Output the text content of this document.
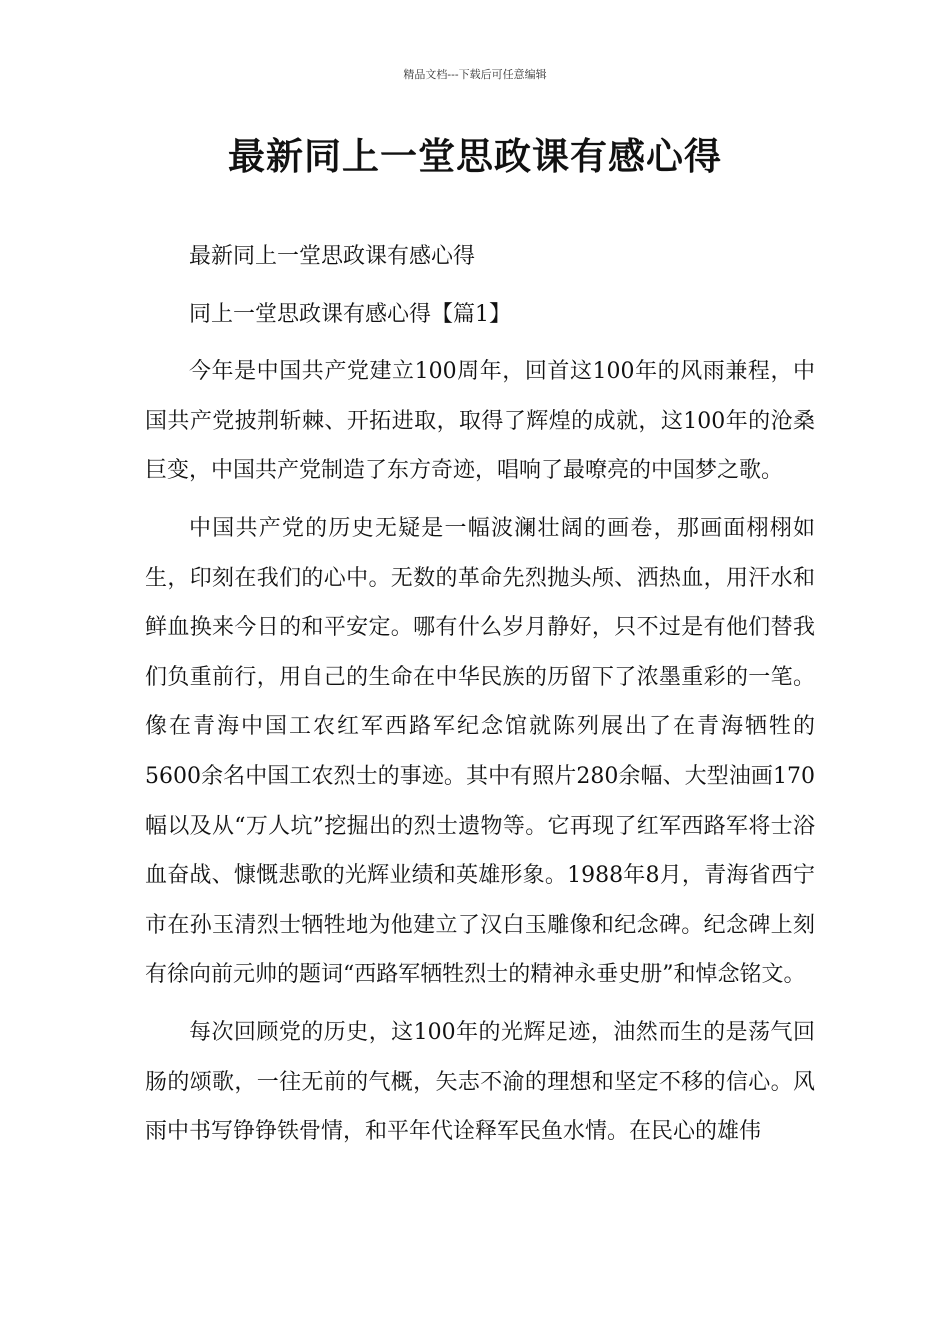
精品文档---下载后可任意编辑
最新同上一堂思政课有感心得

最新同上一堂思政课有感心得

同上一堂思政课有感心得【篇1】

今年是中国共产党建立100周年，回首这100年的风雨兼程，中国共产党披荆斩棘、开拓进取，取得了辉煌的成就，这100年的沧桑巨变，中国共产党制造了东方奇迹，唱响了最嘹亮的中国梦之歌。

中国共产党的历史无疑是一幅波澜壮阔的画卷，那画面栩栩如生，印刻在我们的心中。无数的革命先烈抛头颅、洒热血，用汗水和鲜血换来今日的和平安定。哪有什么岁月静好，只不过是有他们替我们负重前行，用自己的生命在中华民族的历留下了浓墨重彩的一笔。像在青海中国工农红军西路军纪念馆就陈列展出了在青海牺牲的5600余名中国工农烈士的事迹。其中有照片280余幅、大型油画170幅以及从“万人坑”挖掘出的烈士遗物等。它再现了红军西路军将士浴血奋战、慷慨悲歌的光辉业绩和英雄形象。1988年8月，青海省西宁市在孙玉清烈士牺牲地为他建立了汉白玉雕像和纪念碑。纪念碑上刻有徐向前元帅的题词“西路军牺牲烈士的精神永垂史册”和悼念铭文。

每次回顾党的历史，这100年的光辉足迹，油然而生的是荡气回肠的颂歌，一往无前的气概，矢志不渝的理想和坚定不移的信心。风雨中书写铮铮铁骨情，和平年代诠释军民鱼水情。在民心的雄伟
